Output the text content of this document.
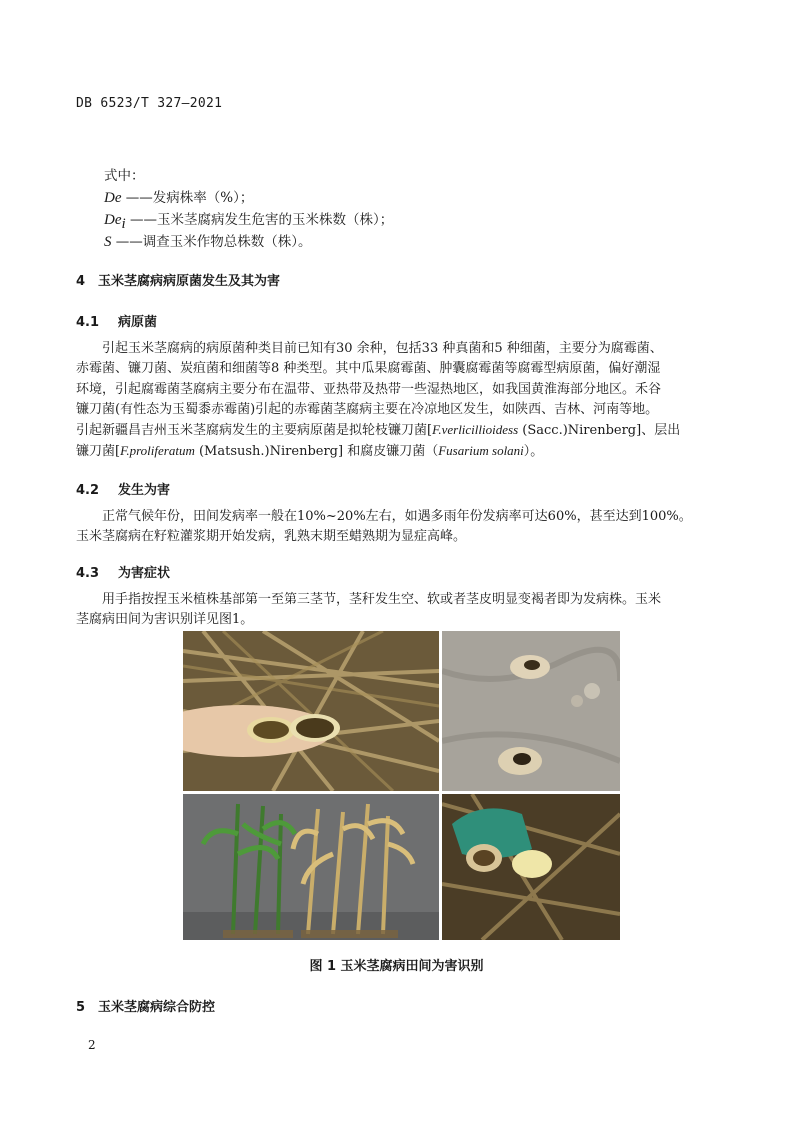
DB 6523/T 327—2021
式中：
De ——发病株率（%）；
$De_i$ ——玉米茎腐病发生危害的玉米株数（株）；
S ——调查玉米作物总株数（株）。
4 玉米茎腐病病原菌发生及其为害
4.1 病原菌
引起玉米茎腐病的病原菌种类目前已知有30 余种，包括33 种真菌和5 种细菌，主要分为腐霉菌、
赤霉菌、镰刀菌、炭疽菌和细菌等8 种类型。其中瓜果腐霉菌、肿囊腐霉菌等腐霉型病原菌，偏好潮湿
环境，引起腐霉菌茎腐病主要分布在温带、亚热带及热带一些湿热地区，如我国黄淮海部分地区。禾谷
镰刀菌(有性态为玉蜀黍赤霉菌)引起的赤霉菌茎腐病主要在冷凉地区发生，如陕西、吉林、河南等地。
引起新疆昌吉州玉米茎腐病发生的主要病原菌是拟轮枝镰刀菌[F.verlicillioidess (Sacc.)Nirenberg]、层出
镰刀菌[F.proliferatum (Matsush.)Nirenberg] 和腐皮镰刀菌（Fusarium solani）。
4.2 发生为害
正常气候年份，田间发病率一般在10%~20%左右，如遇多雨年份发病率可达60%，甚至达到100%。
玉米茎腐病在籽粒灌浆期开始发病，乳熟末期至蜡熟期为显症高峰。
4.3 为害症状
用手指按捏玉米植株基部第一至第三茎节，茎秆发生空、软或者茎皮明显变褐者即为发病株。玉米
茎腐病田间为害识别详见图1。
图 1 玉米茎腐病田间为害识别
5 玉米茎腐病综合防控
2
